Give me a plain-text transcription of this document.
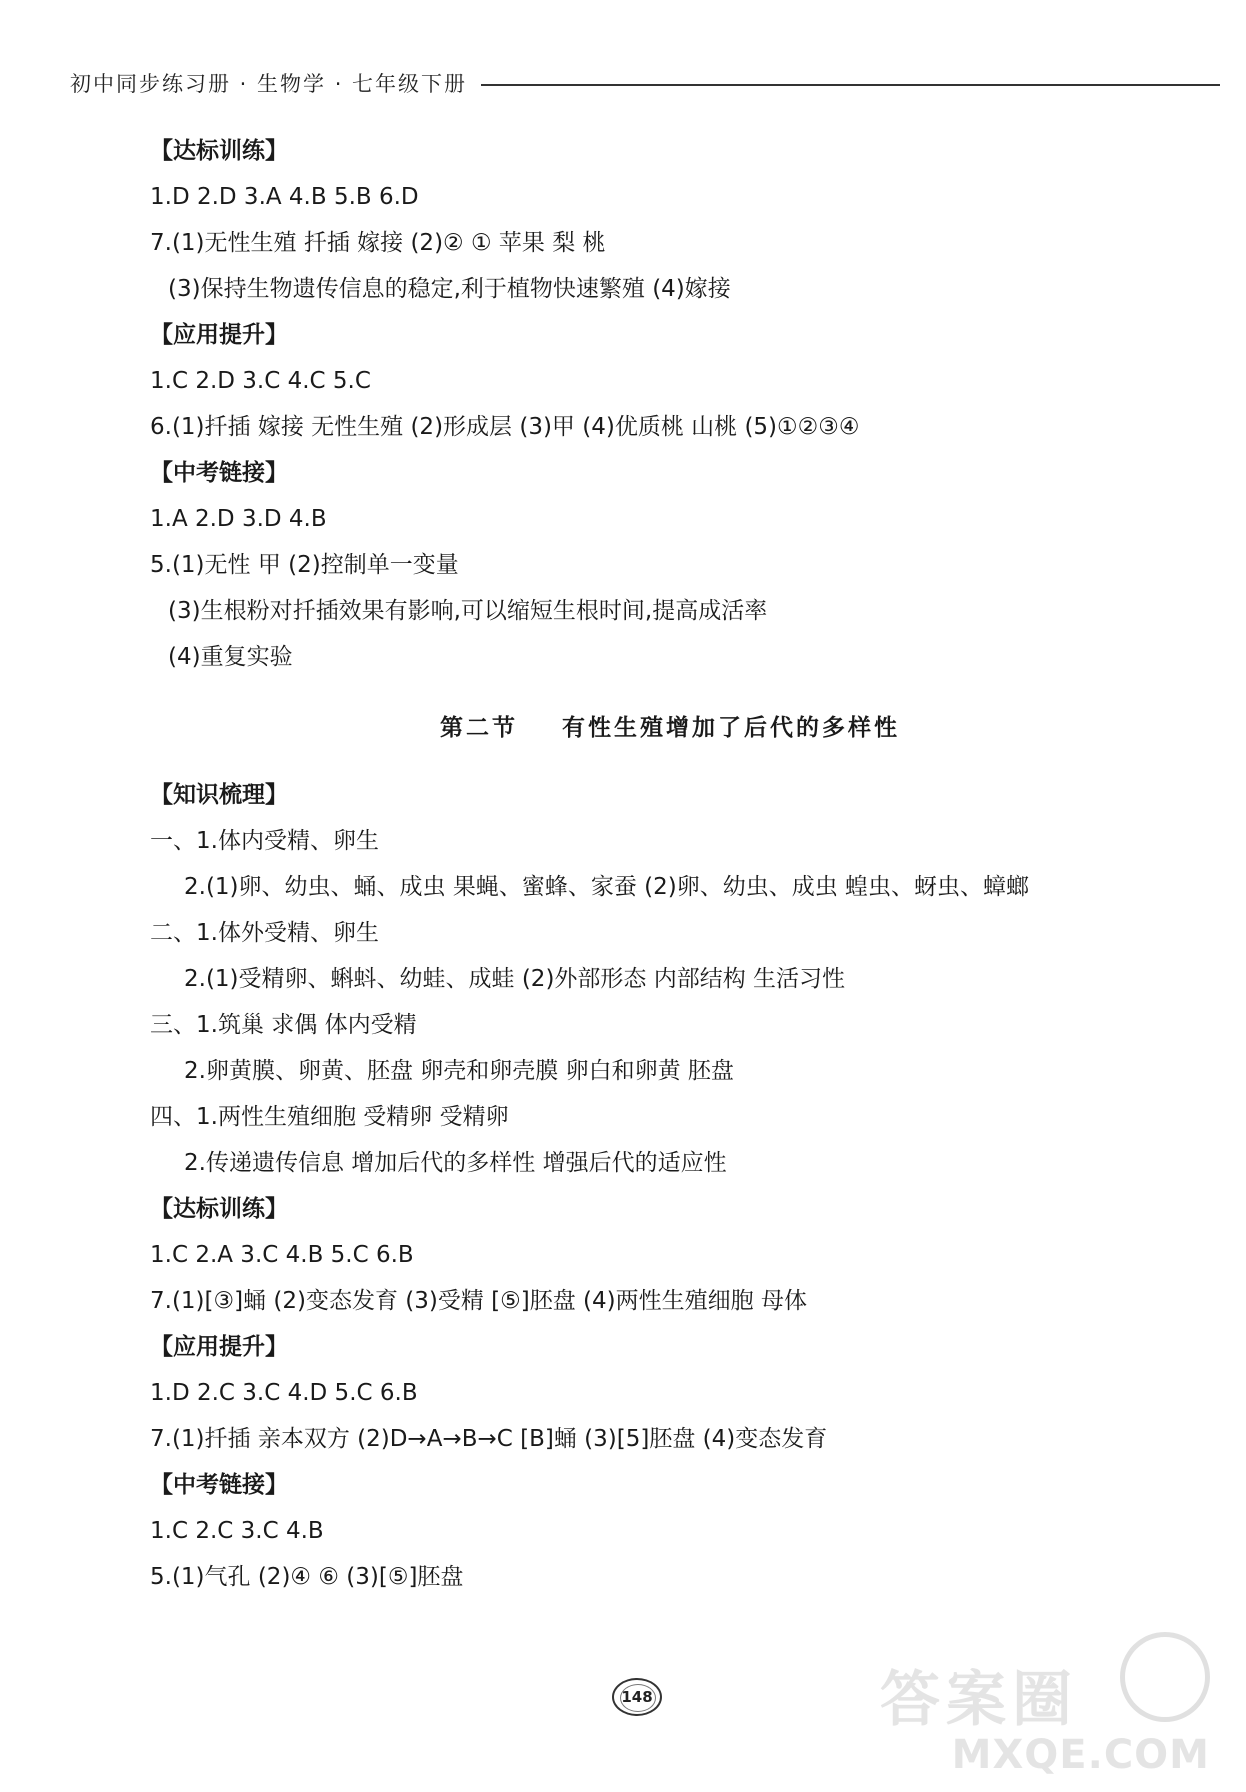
初中同步练习册 · 生物学 · 七年级下册
【达标训练】
1.D 2.D 3.A 4.B 5.B 6.D
7.(1)无性生殖 扦插 嫁接 (2)② ① 苹果 梨 桃
(3)保持生物遗传信息的稳定,利于植物快速繁殖 (4)嫁接
【应用提升】
1.C 2.D 3.C 4.C 5.C
6.(1)扦插 嫁接 无性生殖 (2)形成层 (3)甲 (4)优质桃 山桃 (5)①②③④
【中考链接】
1.A 2.D 3.D 4.B
5.(1)无性 甲 (2)控制单一变量
(3)生根粉对扦插效果有影响,可以缩短生根时间,提高成活率
(4)重复实验
第二节    有性生殖增加了后代的多样性
【知识梳理】
一、1.体内受精、卵生
2.(1)卵、幼虫、蛹、成虫 果蝇、蜜蜂、家蚕 (2)卵、幼虫、成虫 蝗虫、蚜虫、蟑螂
二、1.体外受精、卵生
2.(1)受精卵、蝌蚪、幼蛙、成蛙 (2)外部形态 内部结构 生活习性
三、1.筑巢 求偶 体内受精
2.卵黄膜、卵黄、胚盘 卵壳和卵壳膜 卵白和卵黄 胚盘
四、1.两性生殖细胞 受精卵 受精卵
2.传递遗传信息 增加后代的多样性 增强后代的适应性
【达标训练】
1.C 2.A 3.C 4.B 5.C 6.B
7.(1)[③]蛹 (2)变态发育 (3)受精 [⑤]胚盘 (4)两性生殖细胞 母体
【应用提升】
1.D 2.C 3.C 4.D 5.C 6.B
7.(1)扦插 亲本双方 (2)D→A→B→C [B]蛹 (3)[5]胚盘 (4)变态发育
【中考链接】
1.C 2.C 3.C 4.B
5.(1)气孔 (2)④ ⑥ (3)[⑤]胚盘
148	答案圈
MXQE.COM
